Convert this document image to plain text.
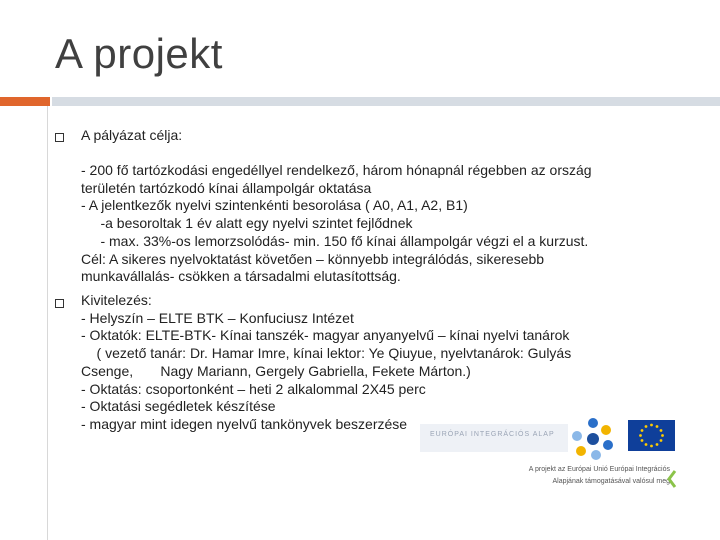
A projekt

A pályázat célja:

- 200 fő tartózkodási engedéllyel rendelkező, három hónapnál régebben az ország
területén tartózkodó kínai állampolgár oktatása
- A jelentkezők nyelvi szintenkénti besorolása ( A0, A1, A2, B1)
-a besoroltak 1 év alatt egy nyelvi szintet fejlődnek
- max. 33%-os lemorzsolódás- min. 150 fő kínai állampolgár végzi el a kurzust.
Cél: A sikeres nyelvoktatást követően – könnyebb integrálódás, sikeresebb
munkavállalás- csökken a társadalmi elutasítottság.

Kivitelezés:
- Helyszín – ELTE BTK – Konfuciusz Intézet
- Oktatók: ELTE-BTK- Kínai tanszék- magyar anyanyelvű – kínai nyelvi tanárok
( vezető tanár: Dr. Hamar Imre, kínai lektor: Ye Qiuyue, nyelvtanárok: Gulyás
Csenge,       Nagy Mariann, Gergely Gabriella, Fekete Márton.)
- Oktatás: csoportonként – heti 2 alkalommal 2X45 perc
- Oktatási segédletek készítése
- magyar mint idegen nyelvű tankönyvek beszerzése

EURÓPAI INTEGRÁCIÓS ALAP
A projekt az Európai Unió Európai Integrációs
Alapjának támogatásával valósul meg
